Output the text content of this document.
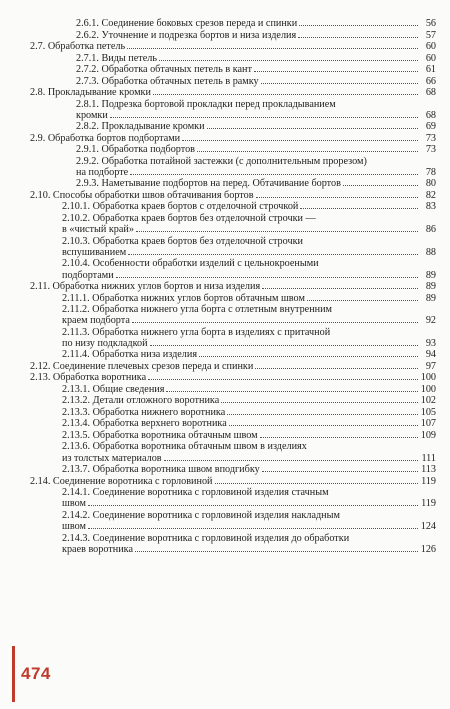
2.6.1. Соединение боковых срезов переда и спинки	56
2.6.2. Уточнение и подрезка бортов и низа изделия	57
2.7. Обработка петель	60
2.7.1. Виды петель	60
2.7.2. Обработка обтачных петель в кант	61
2.7.3. Обработка обтачных петель в рамку	66
2.8. Прокладывание кромки	68
2.8.1. Подрезка бортовой прокладки перед прокладыванием
кромки	68
2.8.2. Прокладывание кромки	69
2.9. Обработка бортов подбортами	73
2.9.1. Обработка подбортов	73
2.9.2. Обработка потайной застежки (с дополнительным прорезом)
на подборте	78
2.9.3. Наметывание подбортов на перед. Обтачивание бортов	80
2.10. Способы обработки швов обтачивания бортов	82
2.10.1. Обработка краев бортов с отделочной строчкой	83
2.10.2. Обработка краев бортов без отделочной строчки —
в «чистый край»	86
2.10.3. Обработка краев бортов без отделочной строчки
вспушиванием	88
2.10.4. Особенности обработки изделий с цельнокроеными
подбортами	89
2.11. Обработка нижних углов бортов и низа изделия	89
2.11.1. Обработка нижних углов бортов обтачным швом	89
2.11.2. Обработка нижнего угла борта с отлетным внутренним
краем подборта	92
2.11.3. Обработка нижнего угла борта в изделиях с притачной
по низу подкладкой	93
2.11.4. Обработка низа изделия	94
2.12. Соединение плечевых срезов переда и спинки	97
2.13. Обработка воротника	100
2.13.1. Общие сведения	100
2.13.2. Детали отложного воротника	102
2.13.3. Обработка нижнего воротника	105
2.13.4. Обработка верхнего воротника	107
2.13.5. Обработка воротника обтачным швом	109
2.13.6. Обработка воротника обтачным швом в изделиях
из толстых материалов	111
2.13.7. Обработка воротника швом вподгибку	113
2.14. Соединение воротника с горловиной	119
2.14.1. Соединение воротника с горловиной изделия стачным
швом	119
2.14.2. Соединение воротника с горловиной изделия накладным
швом	124
2.14.3. Соединение воротника с горловиной изделия до обработки
краев воротника	126
474
